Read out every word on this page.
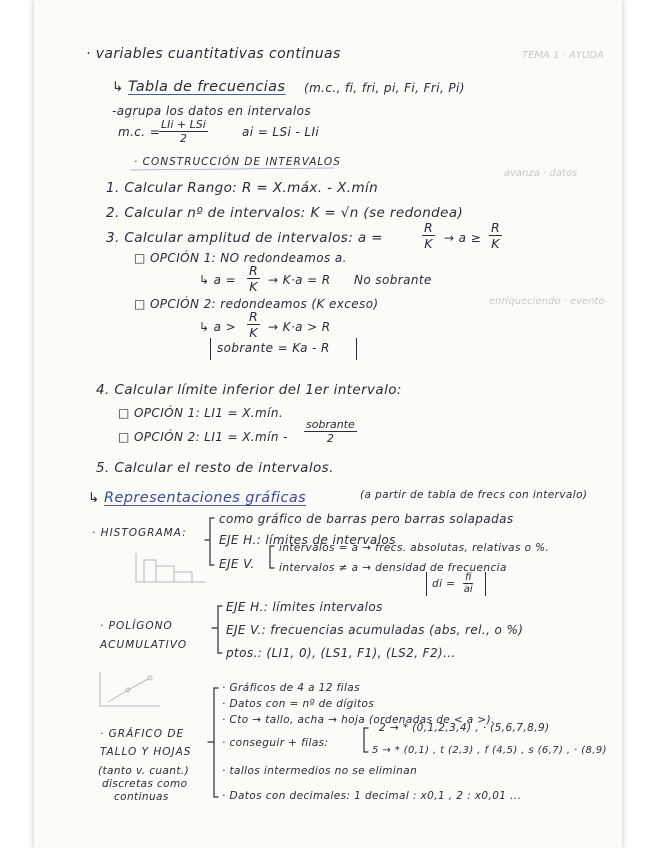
TEMA 1 · AYUDA
avanza · datos
enriqueciendo · evento
· variables cuantitativas continuas
↳ Tabla de frecuencias (m.c., fi, fri, pi, Fi, Fri, Pi)
-agrupa los datos en intervalos
m.c. =
LIi + LSi
2	ai = LSi - LIi
· CONSTRUCCIÓN DE INTERVALOS
1. Calcular Rango: R = X.máx. - X.mín
2. Calcular nº de intervalos: K = √n (se redondea)
3. Calcular amplitud de intervalos: a =	$\frac{R}{K} \to a \ge \frac{R}{K}$
□ OPCIÓN 1: NO redondeamos a.
↳ $a = \frac{R}{K} \to K\cdot a = R$ No sobrante
□ OPCIÓN 2: redondeamos (K exceso)
↳ $a > \frac{R}{K} \to K\cdot a > R$
sobrante = Ka - R
4. Calcular límite inferior del 1er intervalo:
□ OPCIÓN 1: LI1 = X.mín.
□ OPCIÓN 2: LI1 = X.mín -
sobrante
2
5. Calcular el resto de intervalos.
↳ Representaciones gráficas	(a partir de tabla de frecs con intervalo)
· HISTOGRAMA:
como gráfico de barras pero barras solapadas
EJE H.: límites de intervalos
EJE V.
intervalos = a → frecs. absolutas, relativas o %.
intervalos ≠ a → densidad de frecuencia
di = $\frac{fi}{ai}$
· POLÍGONO
ACUMULATIVO
EJE H.: límites intervalos
EJE V.: frecuencias acumuladas (abs, rel., o %)
ptos.: (LI1, 0), (LS1, F1), (LS2, F2)...
· GRÁFICO DE
TALLO Y HOJAS
(tanto v. cuant.)
discretas como
continuas
· Gráficos de 4 a 12 filas
· Datos con = nº de dígitos
· Cto → tallo, acha → hoja (ordenadas de < a >).
· conseguir + filas:
2 → * (0,1,2,3,4) , · (5,6,7,8,9)
5 → * (0,1) , t (2,3) , f (4,5) , s (6,7) , · (8,9)
· tallos intermedios no se eliminan
· Datos con decimales: 1 decimal : x0,1 , 2 : x0,01 ...
